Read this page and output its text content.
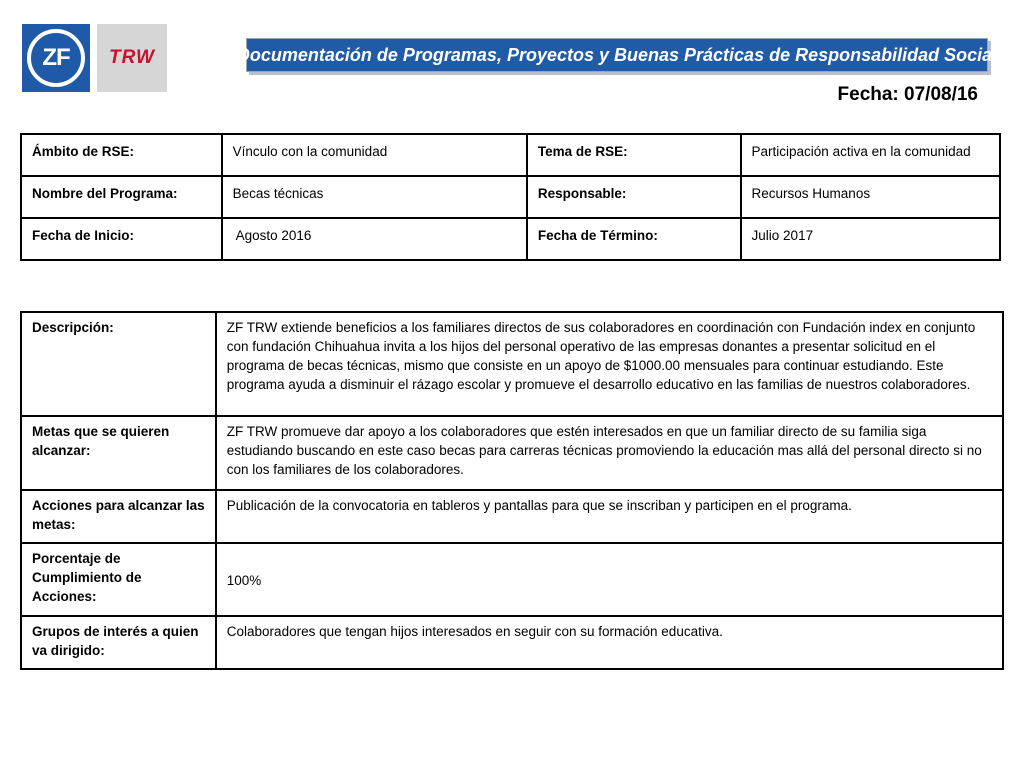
ZF TRW	Documentación de Programas, Proyectos y Buenas Prácticas de Responsabilidad Social
Fecha: 07/08/16
Ámbito de RSE:	Vínculo con la comunidad	Tema de RSE:	Participación activa en la comunidad
Nombre del Programa:	Becas técnicas	Responsable:	Recursos Humanos
Fecha de Inicio:	Agosto 2016	Fecha de Término:	Julio 2017
Descripción:	ZF TRW extiende beneficios a los familiares directos de sus colaboradores en coordinación con Fundación index en conjunto con fundación Chihuahua invita a los hijos del personal operativo de las empresas donantes a presentar solicitud en el programa de becas técnicas, mismo que consiste en un apoyo de $1000.00 mensuales para continuar estudiando. Este programa ayuda a disminuir el rázago escolar y promueve el desarrollo educativo en las familias de nuestros colaboradores.
Metas que se quieren alcanzar:	ZF TRW promueve dar apoyo a los colaboradores que estén interesados en que un familiar directo de su familia siga estudiando buscando en este caso becas para carreras técnicas promoviendo la educación mas allá del personal directo si no con los familiares de los colaboradores.
Acciones para alcanzar las metas:	Publicación de la convocatoria en tableros y pantallas para que se inscriban y participen en el programa.
Porcentaje de Cumplimiento de Acciones:	100%
Grupos de interés a quien va dirigido:	Colaboradores que tengan hijos interesados en seguir con su formación educativa.
